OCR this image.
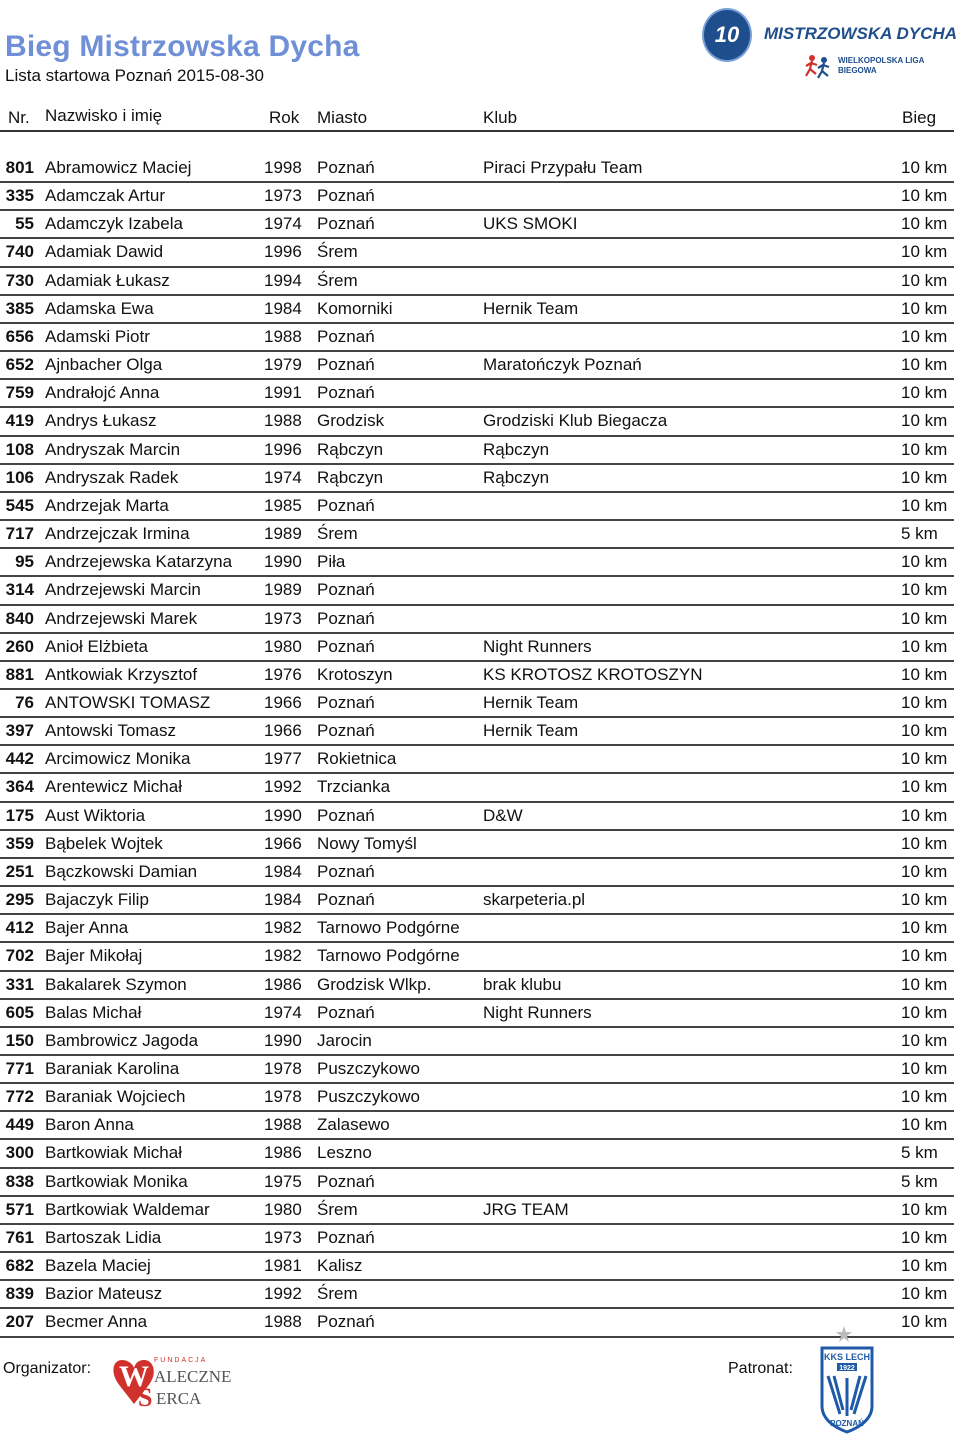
Bieg Mistrzowska Dycha
Lista startowa Poznań 2015-08-30
10	MISTRZOWSKA DYCHA
WIELKOPOLSKA LIGA BIEGOWA
Nr. Nazwisko i imię	Rok Miasto	Klub	Bieg
801 Abramowicz Maciej	1998 Poznań	Piraci Przypału Team	10 km
335 Adamczak Artur	1973 Poznań	10 km
55 Adamczyk Izabela	1974 Poznań	UKS SMOKI	10 km
740 Adamiak Dawid	1996 Śrem	10 km
730 Adamiak Łukasz	1994 Śrem	10 km
385 Adamska Ewa	1984 Komorniki	Hernik Team	10 km
656 Adamski Piotr	1988 Poznań	10 km
652 Ajnbacher Olga	1979 Poznań	Maratończyk Poznań	10 km
759 Andrałojć Anna	1991 Poznań	10 km
419 Andrys Łukasz	1988 Grodzisk	Grodziski Klub Biegacza	10 km
108 Andryszak Marcin	1996 Rąbczyn	Rąbczyn	10 km
106 Andryszak Radek	1974 Rąbczyn	Rąbczyn	10 km
545 Andrzejak Marta	1985 Poznań	10 km
717 Andrzejczak Irmina	1989 Śrem	5 km
95 Andrzejewska Katarzyna 1990 Piła	10 km
314 Andrzejewski Marcin	1989 Poznań	10 km
840 Andrzejewski Marek	1973 Poznań	10 km
260 Anioł Elżbieta	1980 Poznań	Night Runners	10 km
881 Antkowiak Krzysztof	1976 Krotoszyn	KS KROTOSZ KROTOSZYN	10 km
76 ANTOWSKI TOMASZ	1966 Poznań	Hernik Team	10 km
397 Antowski Tomasz	1966 Poznań	Hernik Team	10 km
442 Arcimowicz Monika	1977 Rokietnica	10 km
364 Arentewicz Michał	1992 Trzcianka	10 km
175 Aust Wiktoria	1990 Poznań	D&W	10 km
359 Bąbelek Wojtek	1966 Nowy Tomyśl	10 km
251 Bączkowski Damian	1984 Poznań	10 km
295 Bajaczyk Filip	1984 Poznań	skarpeteria.pl	10 km
412 Bajer Anna	1982 Tarnowo Podgórne	10 km
702 Bajer Mikołaj	1982 Tarnowo Podgórne	10 km
331 Bakalarek Szymon	1986 Grodzisk Wlkp.	brak klubu	10 km
605 Balas Michał	1974 Poznań	Night Runners	10 km
150 Bambrowicz Jagoda	1990 Jarocin	10 km
771 Baraniak Karolina	1978 Puszczykowo	10 km
772 Baraniak Wojciech	1978 Puszczykowo	10 km
449 Baron Anna	1988 Zalasewo	10 km
300 Bartkowiak Michał	1986 Leszno	5 km
838 Bartkowiak Monika	1975 Poznań	5 km
571 Bartkowiak Waldemar	1980 Śrem	JRG TEAM	10 km
761 Bartoszak Lidia	1973 Poznań	10 km
682 Bazela Maciej	1981 Kalisz	10 km
839 Bazior Mateusz	1992 Śrem	10 km
207 Becmer Anna	1988 Poznań	10 km
Organizator: W FUNDACJA
ALECZNE
S ERCA
Patronat:
KKS LECH
1922
POZNAŃ
